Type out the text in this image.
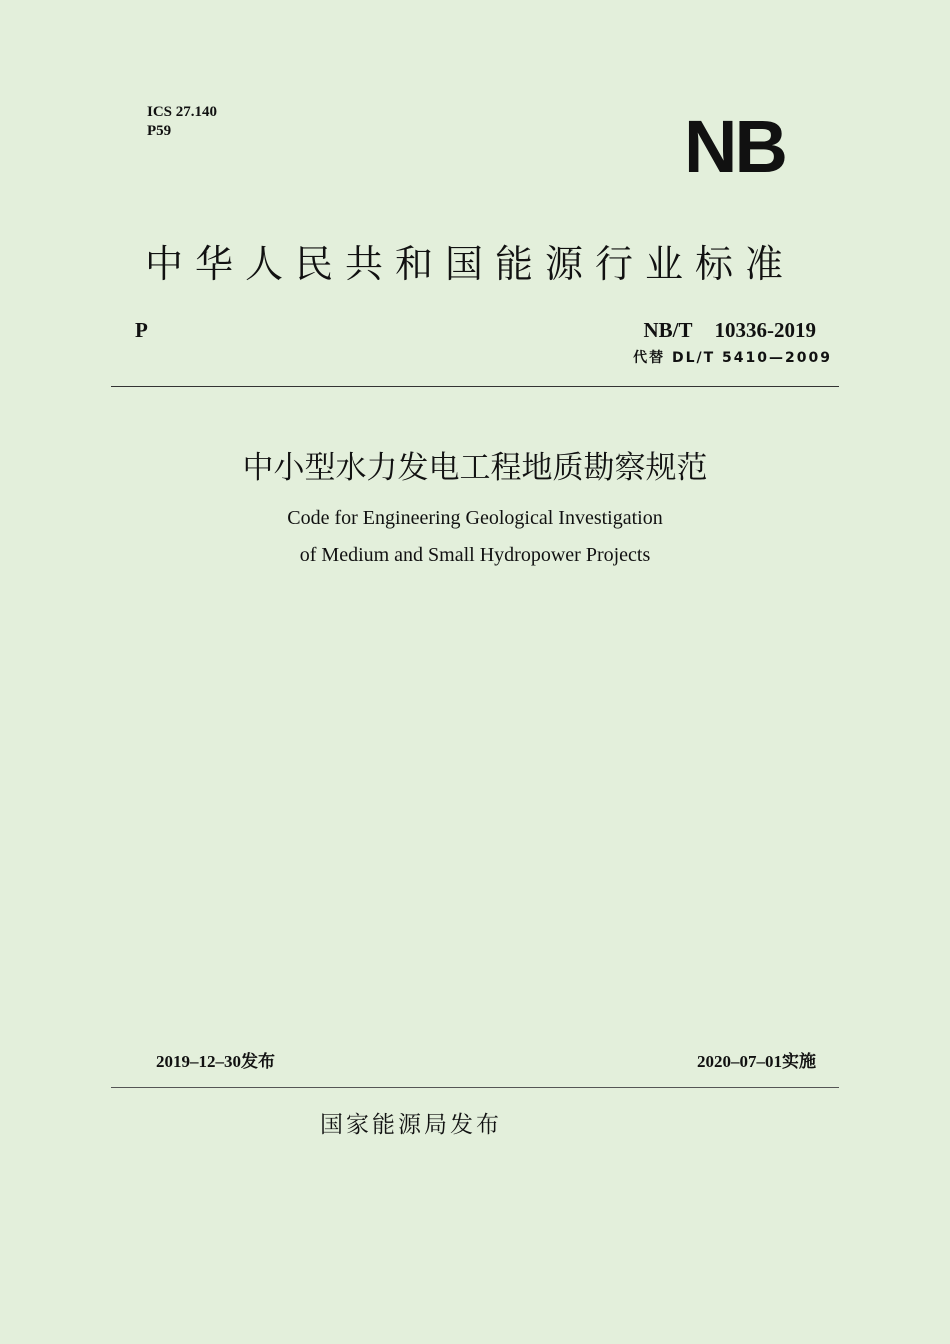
ICS 27.140
P59	NB
中华人民共和国能源行业标准
P	NB/T 10336-2019
代替 DL/T 5410—2009
中小型水力发电工程地质勘察规范
Code for Engineering Geological Investigation
of Medium and Small Hydropower Projects
2019–12–30发布	2020–07–01实施
国家能源局发布
